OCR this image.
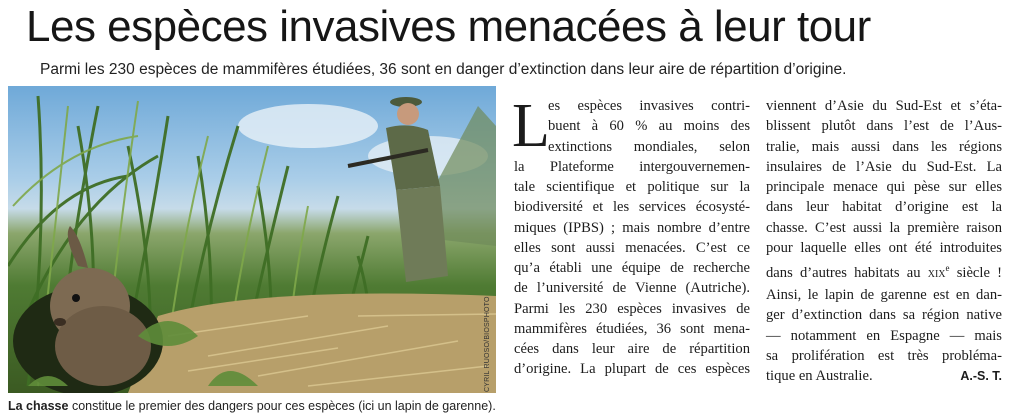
Les espèces invasives menacées à leur tour

Parmi les 230 espèces de mammifères étudiées, 36 sont en danger d’extinction dans leur aire de répartition d’origine.

CYRIL RUOSO/BIOSPHOTO

La chasse constitue le premier des dangers pour ces espèces (ici un lapin de garenne).

L
es espèces invasives contri-
buent à 60 % au moins des
extinctions mondiales, selon
la Plateforme intergouvernemen-
tale scientifique et politique sur la
biodiversité et les services écosysté-
miques (IPBS) ; mais nombre d’entre
elles sont aussi menacées. C’est ce
qu’a établi une équipe de recherche
de l’université de Vienne (Autriche).
Parmi les 230 espèces invasives de
mammifères étudiées, 36 sont mena-
cées dans leur aire de répartition
d’origine. La plupart de ces espèces
viennent d’Asie du Sud-Est et s’éta-
blissent plutôt dans l’est de l’Aus-
tralie, mais aussi dans les régions
insulaires de l’Asie du Sud-Est. La
principale menace qui pèse sur elles
dans leur habitat d’origine est la
chasse. C’est aussi la première raison
pour laquelle elles ont été introduites
dans d’autres habitats au XIXe siècle !
Ainsi, le lapin de garenne est en dan-
ger d’extinction dans sa région native
— notamment en Espagne — mais
sa prolifération est très probléma-
tique en Australie.	A.-S. T.
